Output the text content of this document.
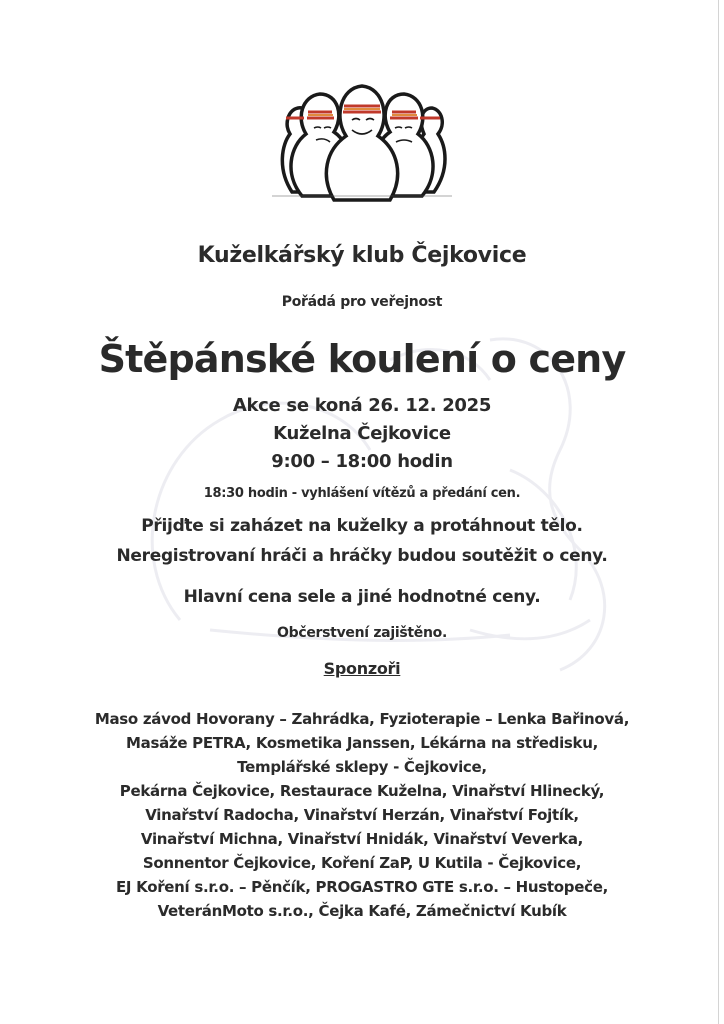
Kuželkářský klub Čejkovice
Pořádá pro veřejnost
Štěpánské koulení o ceny
Akce se koná 26. 12. 2025
Kuželna Čejkovice
9:00 – 18:00 hodin
18:30 hodin - vyhlášení vítězů a předání cen.
Přijďte si zaházet na kuželky a protáhnout tělo.
Neregistrovaní hráči a hráčky budou soutěžit o ceny.
Hlavní cena sele a jiné hodnotné ceny.
Občerstvení zajištěno.
Sponzoři
Maso závod Hovorany – Zahrádka, Fyzioterapie – Lenka Bařinová,
Masáže PETRA, Kosmetika Janssen, Lékárna na středisku,
Templářské sklepy - Čejkovice,
Pekárna Čejkovice, Restaurace Kuželna, Vinařství Hlinecký,
Vinařství Radocha, Vinařství Herzán, Vinařství Fojtík,
Vinařství Michna, Vinařství Hnidák, Vinařství Veverka,
Sonnentor Čejkovice, Koření ZaP, U Kutila - Čejkovice,
EJ Koření s.r.o. – Pěnčík, PROGASTRO GTE s.r.o. – Hustopeče,
VeteránMoto s.r.o., Čejka Kafé, Zámečnictví Kubík
